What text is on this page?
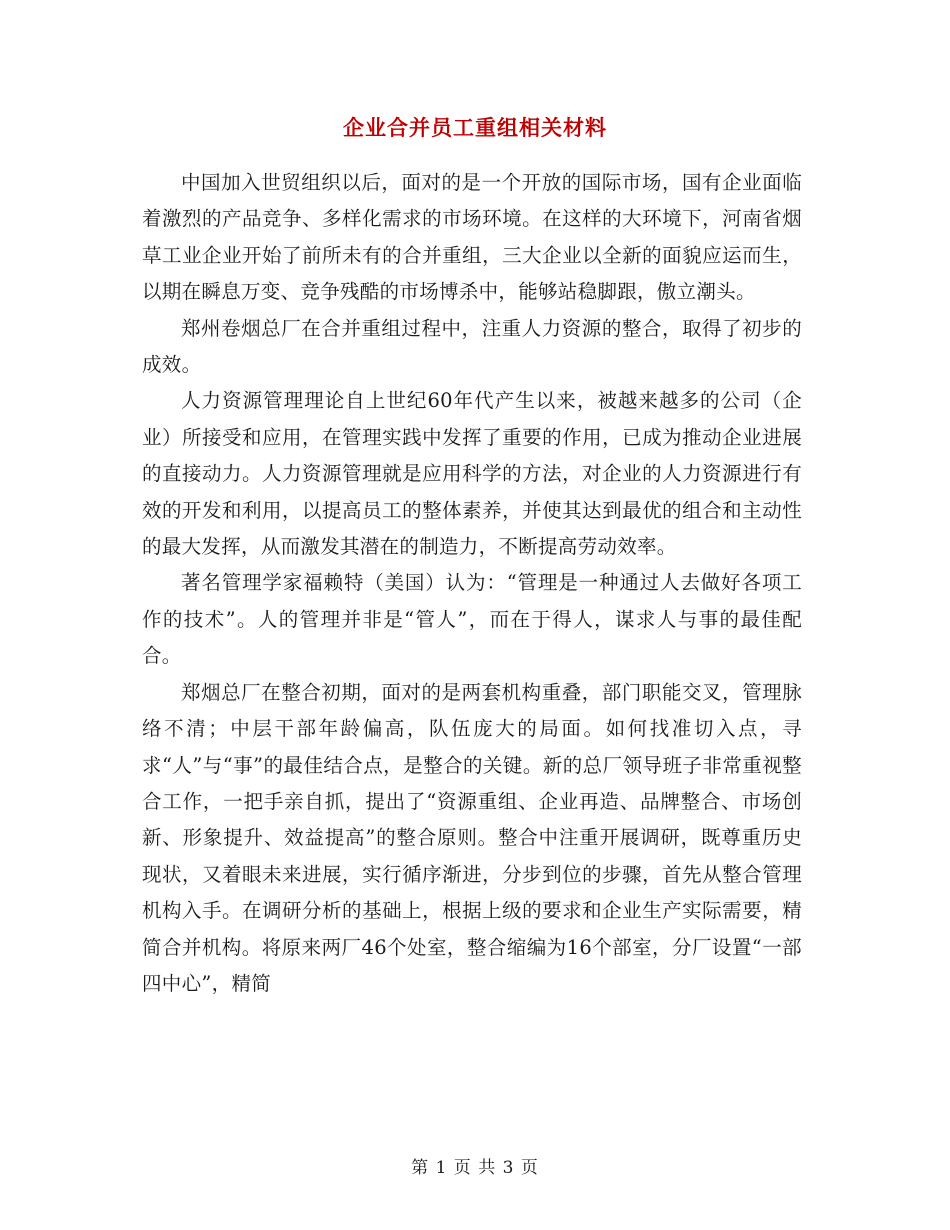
企业合并员工重组相关材料

中国加入世贸组织以后，面对的是一个开放的国际市场，国有企业面临着激烈的产品竞争、多样化需求的市场环境。在这样的大环境下，河南省烟草工业企业开始了前所未有的合并重组，三大企业以全新的面貌应运而生，以期在瞬息万变、竞争残酷的市场博杀中，能够站稳脚跟，傲立潮头。

郑州卷烟总厂在合并重组过程中，注重人力资源的整合，取得了初步的成效。

人力资源管理理论自上世纪60年代产生以来，被越来越多的公司（企业）所接受和应用，在管理实践中发挥了重要的作用，已成为推动企业进展的直接动力。人力资源管理就是应用科学的方法，对企业的人力资源进行有效的开发和利用，以提高员工的整体素养，并使其达到最优的组合和主动性的最大发挥，从而激发其潜在的制造力，不断提高劳动效率。

著名管理学家福赖特（美国）认为：“管理是一种通过人去做好各项工作的技术”。人的管理并非是“管人”，而在于得人，谋求人与事的最佳配合。

郑烟总厂在整合初期，面对的是两套机构重叠，部门职能交叉，管理脉络不清；中层干部年龄偏高，队伍庞大的局面。如何找准切入点，寻求“人”与“事”的最佳结合点，是整合的关键。新的总厂领导班子非常重视整合工作，一把手亲自抓，提出了“资源重组、企业再造、品牌整合、市场创新、形象提升、效益提高”的整合原则。整合中注重开展调研，既尊重历史现状，又着眼未来进展，实行循序渐进，分步到位的步骤，首先从整合管理机构入手。在调研分析的基础上，根据上级的要求和企业生产实际需要，精简合并机构。将原来两厂46个处室，整合缩编为16个部室，分厂设置“一部四中心”，精简

第 1 页 共 3 页
